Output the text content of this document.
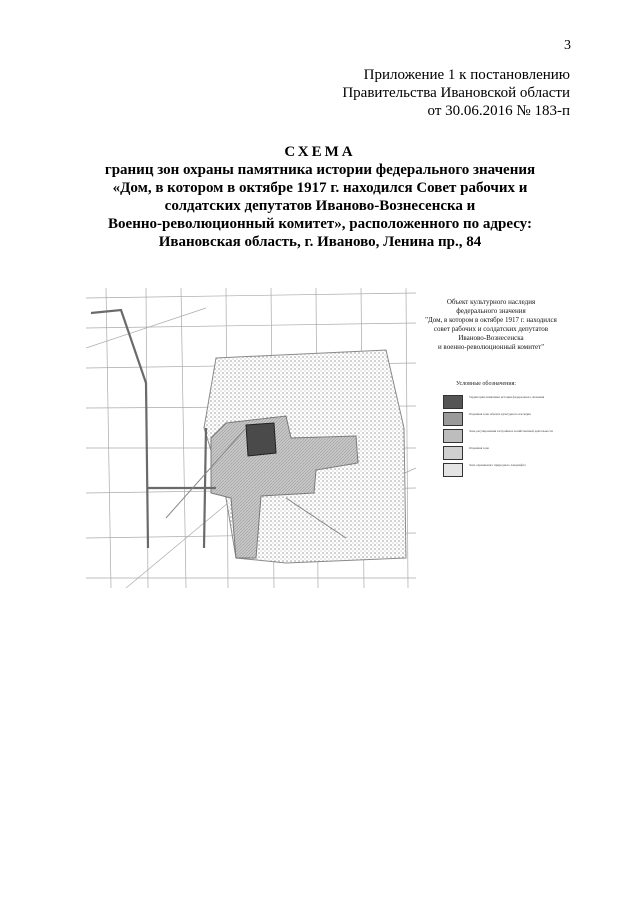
3
Приложение 1 к постановлению
Правительства Ивановской области
от 30.06.2016 № 183-п
СХЕМА
границ зон охраны памятника истории федерального значения
«Дом, в котором в октябре 1917 г. находился Совет рабочих и
солдатских депутатов Иваново-Вознесенска и
Военно-революционный комитет», расположенного по адресу:
Ивановская область, г. Иваново, Ленина пр., 84
Объект культурного наследия
федерального значения
"Дом, в котором в октябре 1917 г. находился
совет рабочих и солдатских депутатов
Иваново-Вознесенска
и военно-революционный комитет"
Условные обозначения:
Территория памятника истории федерального значения
Охранная зона объекта культурного наследия
Зона регулирования застройки и хозяйственной деятельности
Охранная зона
Зона охраняемого природного ландшафта
